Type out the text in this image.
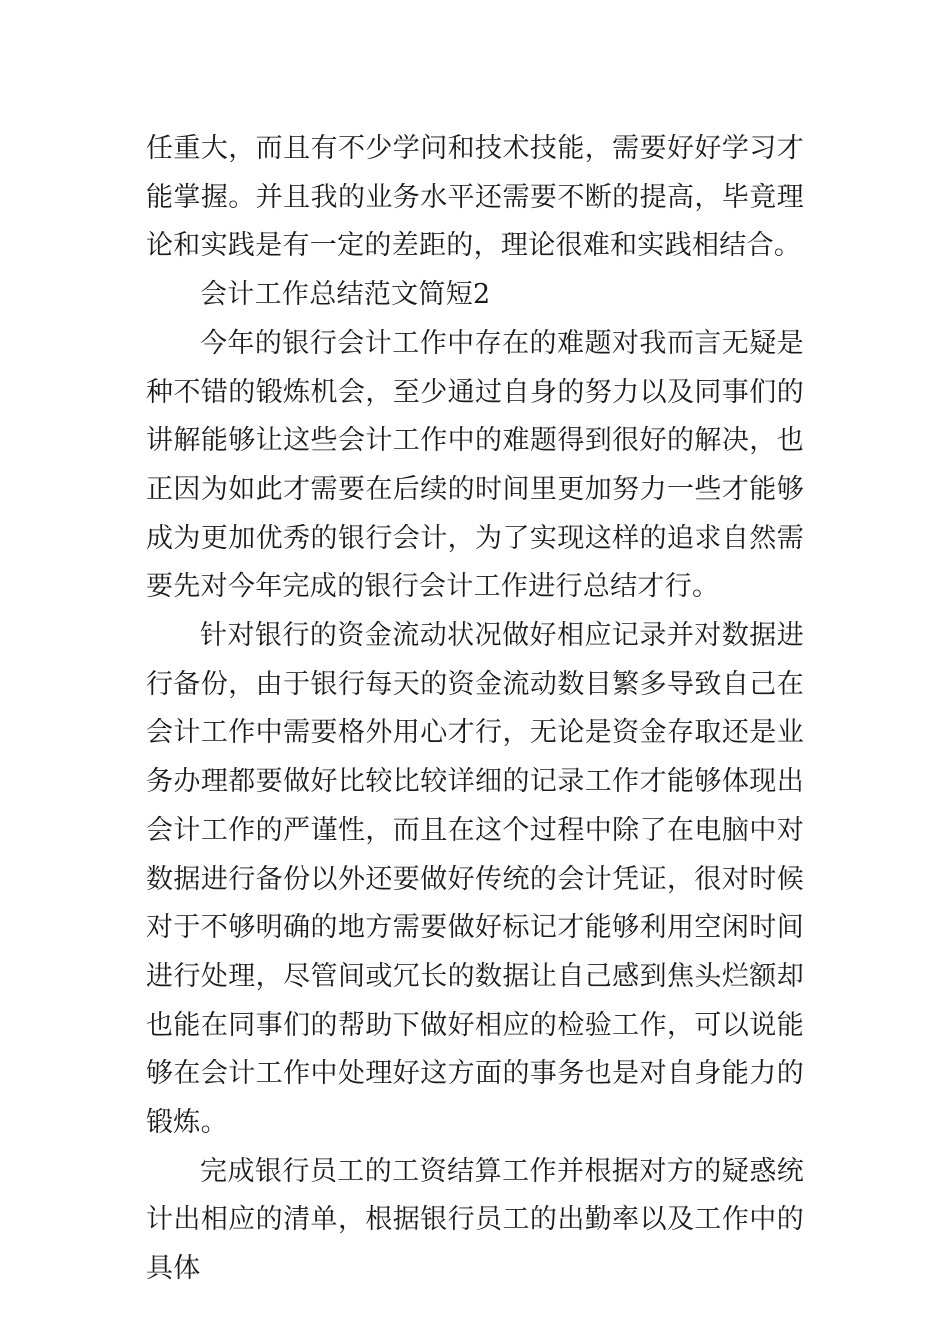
任重大，而且有不少学问和技术技能，需要好好学习才能掌握。并且我的业务水平还需要不断的提高，毕竟理论和实践是有一定的差距的，理论很难和实践相结合。

会计工作总结范文简短2

今年的银行会计工作中存在的难题对我而言无疑是种不错的锻炼机会，至少通过自身的努力以及同事们的讲解能够让这些会计工作中的难题得到很好的解决，也正因为如此才需要在后续的时间里更加努力一些才能够成为更加优秀的银行会计，为了实现这样的追求自然需要先对今年完成的银行会计工作进行总结才行。

针对银行的资金流动状况做好相应记录并对数据进行备份，由于银行每天的资金流动数目繁多导致自己在会计工作中需要格外用心才行，无论是资金存取还是业务办理都要做好比较比较详细的记录工作才能够体现出会计工作的严谨性，而且在这个过程中除了在电脑中对数据进行备份以外还要做好传统的会计凭证，很对时候对于不够明确的地方需要做好标记才能够利用空闲时间进行处理，尽管间或冗长的数据让自己感到焦头烂额却也能在同事们的帮助下做好相应的检验工作，可以说能够在会计工作中处理好这方面的事务也是对自身能力的锻炼。

完成银行员工的工资结算工作并根据对方的疑惑统计出相应的清单，根据银行员工的出勤率以及工作中的具体
